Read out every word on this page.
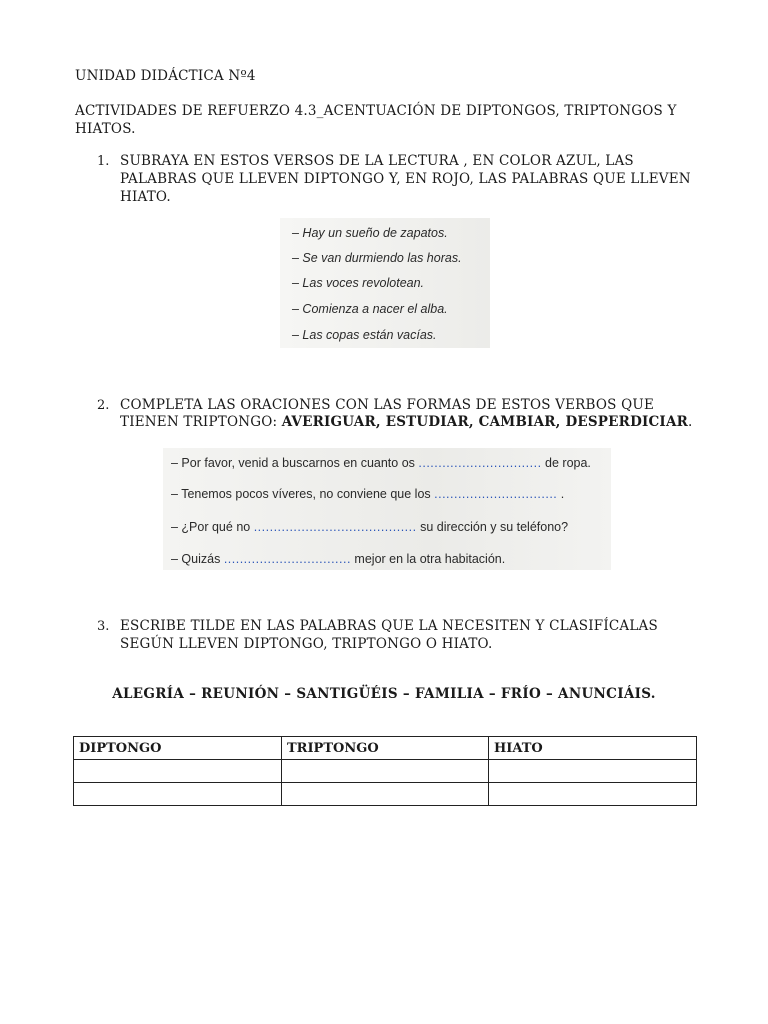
UNIDAD DIDÁCTICA Nº4
ACTIVIDADES DE REFUERZO 4.3_ACENTUACIÓN DE DIPTONGOS, TRIPTONGOS Y
HIATOS.
1. SUBRAYA EN ESTOS VERSOS DE LA LECTURA , EN COLOR AZUL, LAS
PALABRAS QUE LLEVEN DIPTONGO Y, EN ROJO, LAS PALABRAS QUE LLEVEN
HIATO.
– Hay un sueño de zapatos.
– Se van durmiendo las horas.
– Las voces revolotean.
– Comienza a nacer el alba.
– Las copas están vacías.
2. COMPLETA LAS ORACIONES CON LAS FORMAS DE ESTOS VERBOS QUE
TIENEN TRIPTONGO: AVERIGUAR, ESTUDIAR, CAMBIAR, DESPERDICIAR.
– Por favor, venid a buscarnos en cuanto os ............................... de ropa.
– Tenemos pocos víveres, no conviene que los ............................... .
– ¿Por qué no ......................................... su dirección y su teléfono?
– Quizás ................................ mejor en la otra habitación.
3. ESCRIBE TILDE EN LAS PALABRAS QUE LA NECESITEN Y CLASIFÍCALAS
SEGÚN LLEVEN DIPTONGO, TRIPTONGO O HIATO.
ALEGRÍA – REUNIÓN – SANTIGÜÉIS – FAMILIA – FRÍO – ANUNCIÁIS.
DIPTONGO	TRIPTONGO	HIATO
